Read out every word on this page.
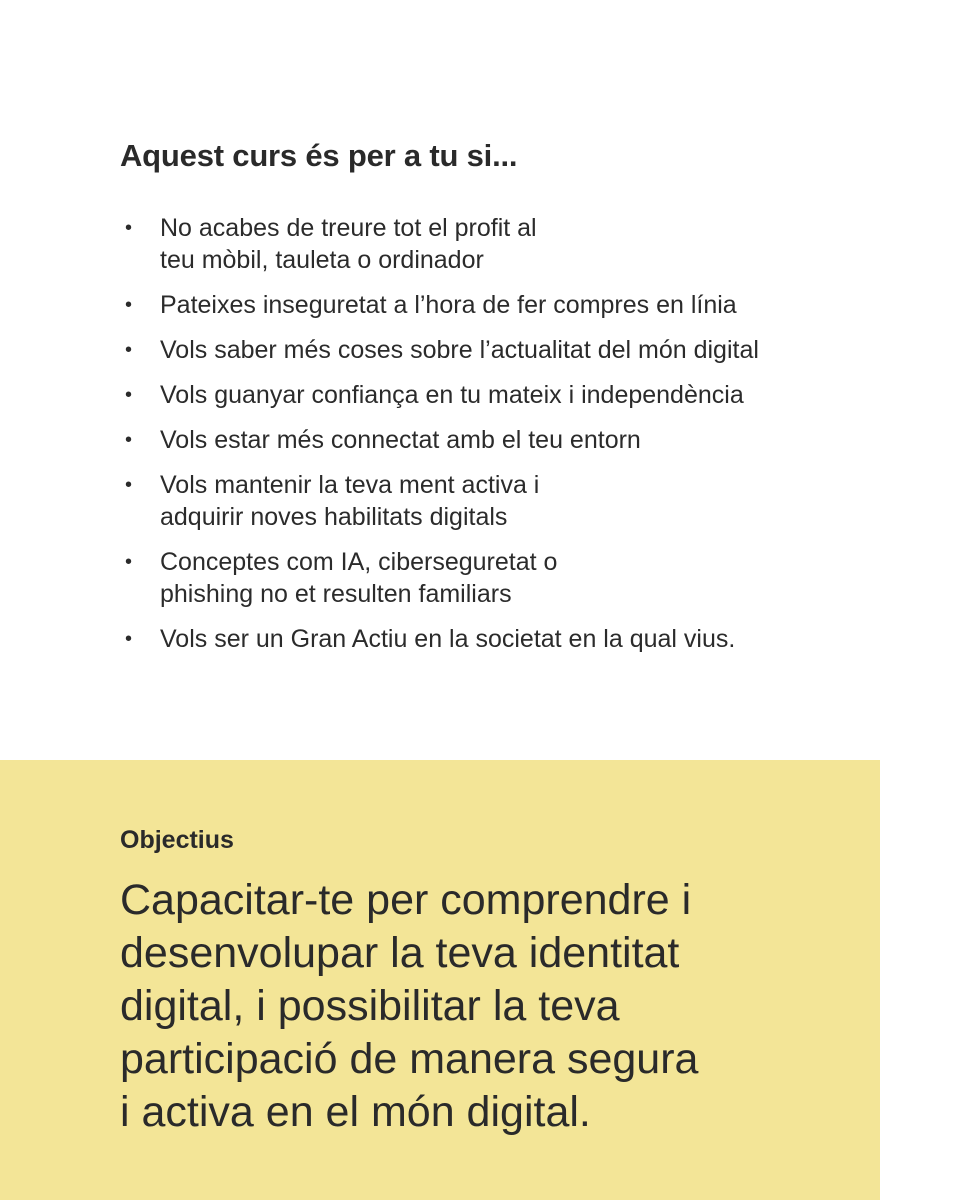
Aquest curs és per a tu si...
• No acabes de treure tot el profit al
teu mòbil, tauleta o ordinador
• Pateixes inseguretat a l’hora de fer compres en línia
• Vols saber més coses sobre l’actualitat del món digital
• Vols guanyar confiança en tu mateix i independència
• Vols estar més connectat amb el teu entorn
• Vols mantenir la teva ment activa i
adquirir noves habilitats digitals
• Conceptes com IA, ciberseguretat o
phishing no et resulten familiars
• Vols ser un Gran Actiu en la societat en la qual vius.
Objectius

Capacitar-te per comprendre i
desenvolupar la teva identitat
digital, i possibilitar la teva
participació de manera segura
i activa en el món digital.
